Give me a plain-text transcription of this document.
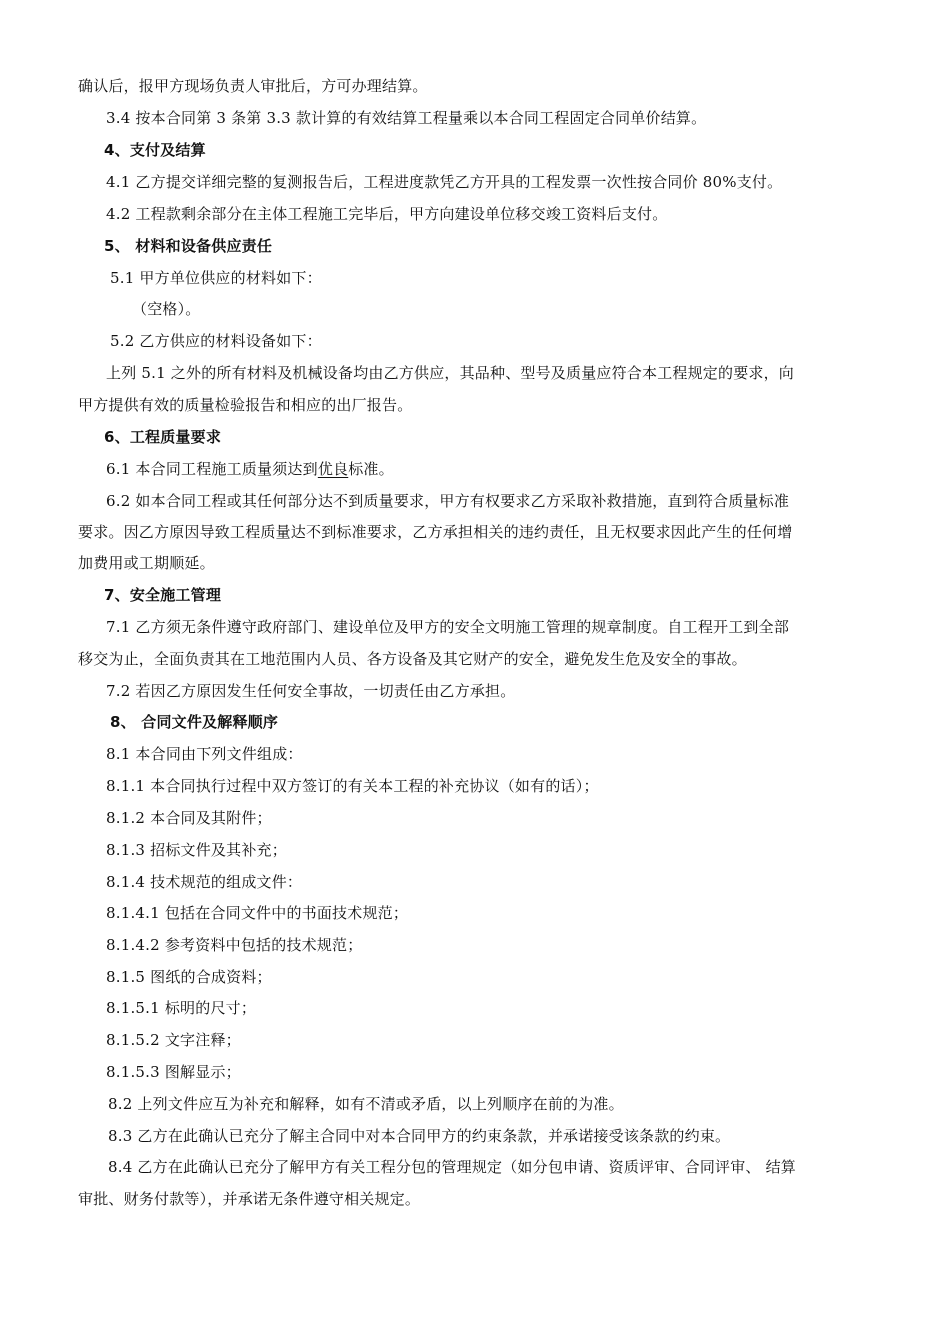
确认后，报甲方现场负责人审批后，方可办理结算。
3.4 按本合同第 3 条第 3.3 款计算的有效结算工程量乘以本合同工程固定合同单价结算。
4、支付及结算
4.1 乙方提交详细完整的复测报告后，工程进度款凭乙方开具的工程发票一次性按合同价 80%支付。
4.2 工程款剩余部分在主体工程施工完毕后，甲方向建设单位移交竣工资料后支付。
5、 材料和设备供应责任
5.1 甲方单位供应的材料如下：
（空格）。
5.2 乙方供应的材料设备如下：
上列 5.1 之外的所有材料及机械设备均由乙方供应，其品种、型号及质量应符合本工程规定的要求，向
甲方提供有效的质量检验报告和相应的出厂报告。
6、工程质量要求
6.1 本合同工程施工质量须达到优良标准。
6.2 如本合同工程或其任何部分达不到质量要求，甲方有权要求乙方采取补救措施，直到符合质量标准
要求。因乙方原因导致工程质量达不到标准要求，乙方承担相关的违约责任，且无权要求因此产生的任何增
加费用或工期顺延。
7、安全施工管理
7.1 乙方须无条件遵守政府部门、建设单位及甲方的安全文明施工管理的规章制度。自工程开工到全部
移交为止，全面负责其在工地范围内人员、各方设备及其它财产的安全，避免发生危及安全的事故。
7.2 若因乙方原因发生任何安全事故，一切责任由乙方承担。
8、 合同文件及解释顺序
8.1 本合同由下列文件组成：
8.1.1 本合同执行过程中双方签订的有关本工程的补充协议（如有的话）；
8.1.2 本合同及其附件；
8.1.3 招标文件及其补充；
8.1.4 技术规范的组成文件：
8.1.4.1 包括在合同文件中的书面技术规范；
8.1.4.2 参考资料中包括的技术规范；
8.1.5 图纸的合成资料；
8.1.5.1 标明的尺寸；
8.1.5.2 文字注释；
8.1.5.3 图解显示；
8.2 上列文件应互为补充和解释，如有不清或矛盾，以上列顺序在前的为准。
8.3 乙方在此确认已充分了解主合同中对本合同甲方的约束条款，并承诺接受该条款的约束。
8.4 乙方在此确认已充分了解甲方有关工程分包的管理规定（如分包申请、资质评审、合同评审、 结算
审批、财务付款等），并承诺无条件遵守相关规定。
